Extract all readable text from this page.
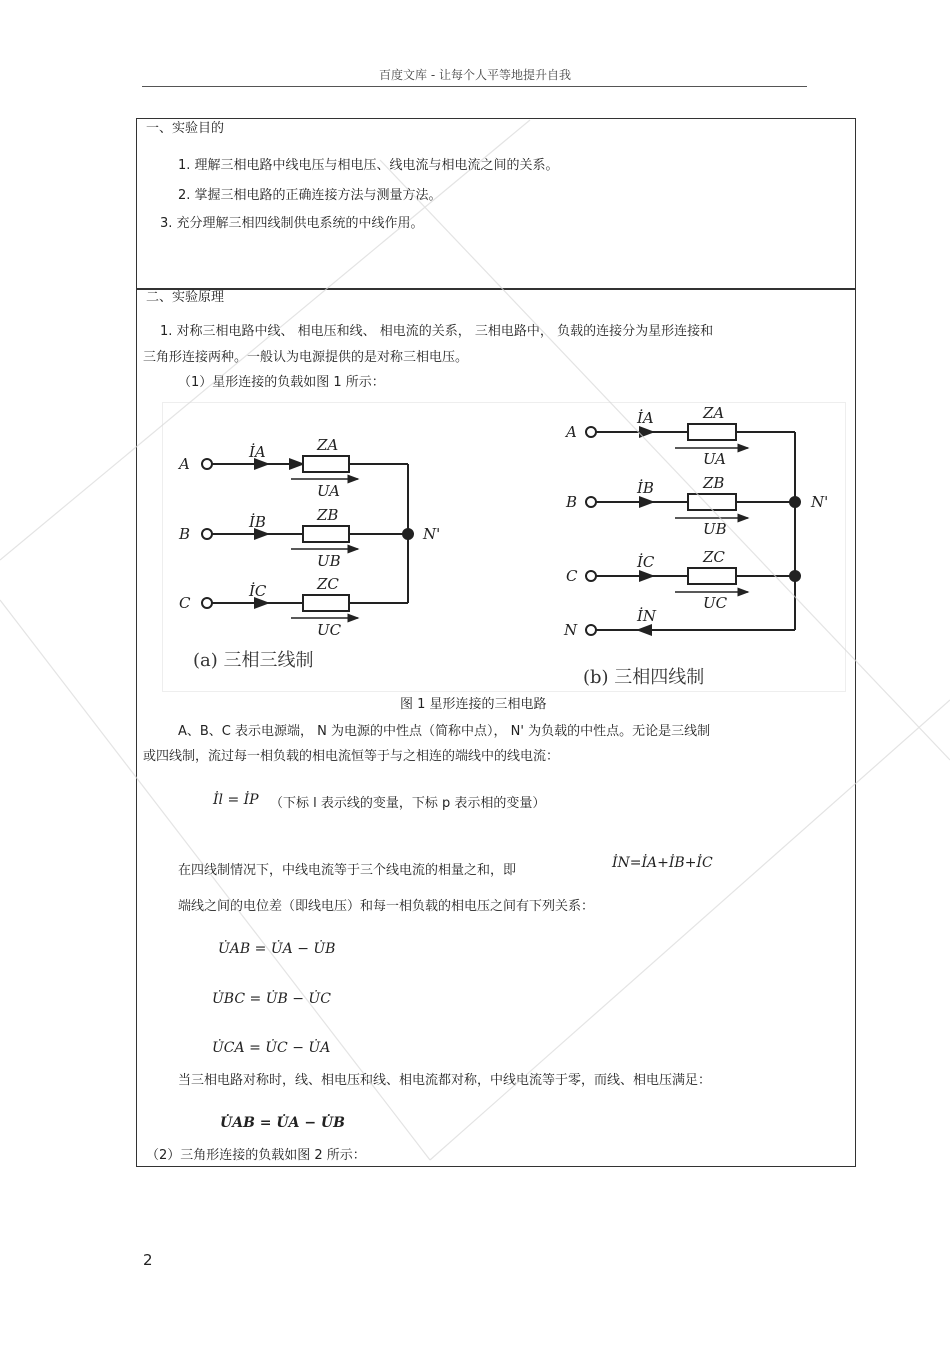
百度文库 - 让每个人平等地提升自我
一、实验目的
1. 理解三相电路中线电压与相电压、线电流与相电流之间的关系。
2. 掌握三相电路的正确连接方法与测量方法。
3. 充分理解三相四线制供电系统的中线作用。
二、实验原理
1. 对称三相电路中线、 相电压和线、 相电流的关系， 三相电路中， 负载的连接分为星形连接和
三角形连接两种。一般认为电源提供的是对称三相电压。
（1）星形连接的负载如图 1 所示：
A
B
C
İA
İB
İC
ZA
ZB
ZC
UA
UB
UC
N'
(a) 三相三线制
A
B
C
N
İA
İB
İC
İN
ZA
ZB
ZC
UA
UB
UC
N'
(b) 三相四线制
图 1 星形连接的三相电路
A、B、C 表示电源端， N 为电源的中性点（简称中点）， N' 为负载的中性点。无论是三线制
或四线制，流过每一相负载的相电流恒等于与之相连的端线中的线电流：
İl = İP （下标 l 表示线的变量，下标 p 表示相的变量）
在四线制情况下，中线电流等于三个线电流的相量之和，即	İN=İA+İB+İC
端线之间的电位差（即线电压）和每一相负载的相电压之间有下列关系：
U̇AB = U̇A − U̇B
U̇BC = U̇B − U̇C
U̇CA = U̇C − U̇A
当三相电路对称时，线、相电压和线、相电流都对称，中线电流等于零，而线、相电压满足：
U̇AB = U̇A − U̇B
（2）三角形连接的负载如图 2 所示：
2
